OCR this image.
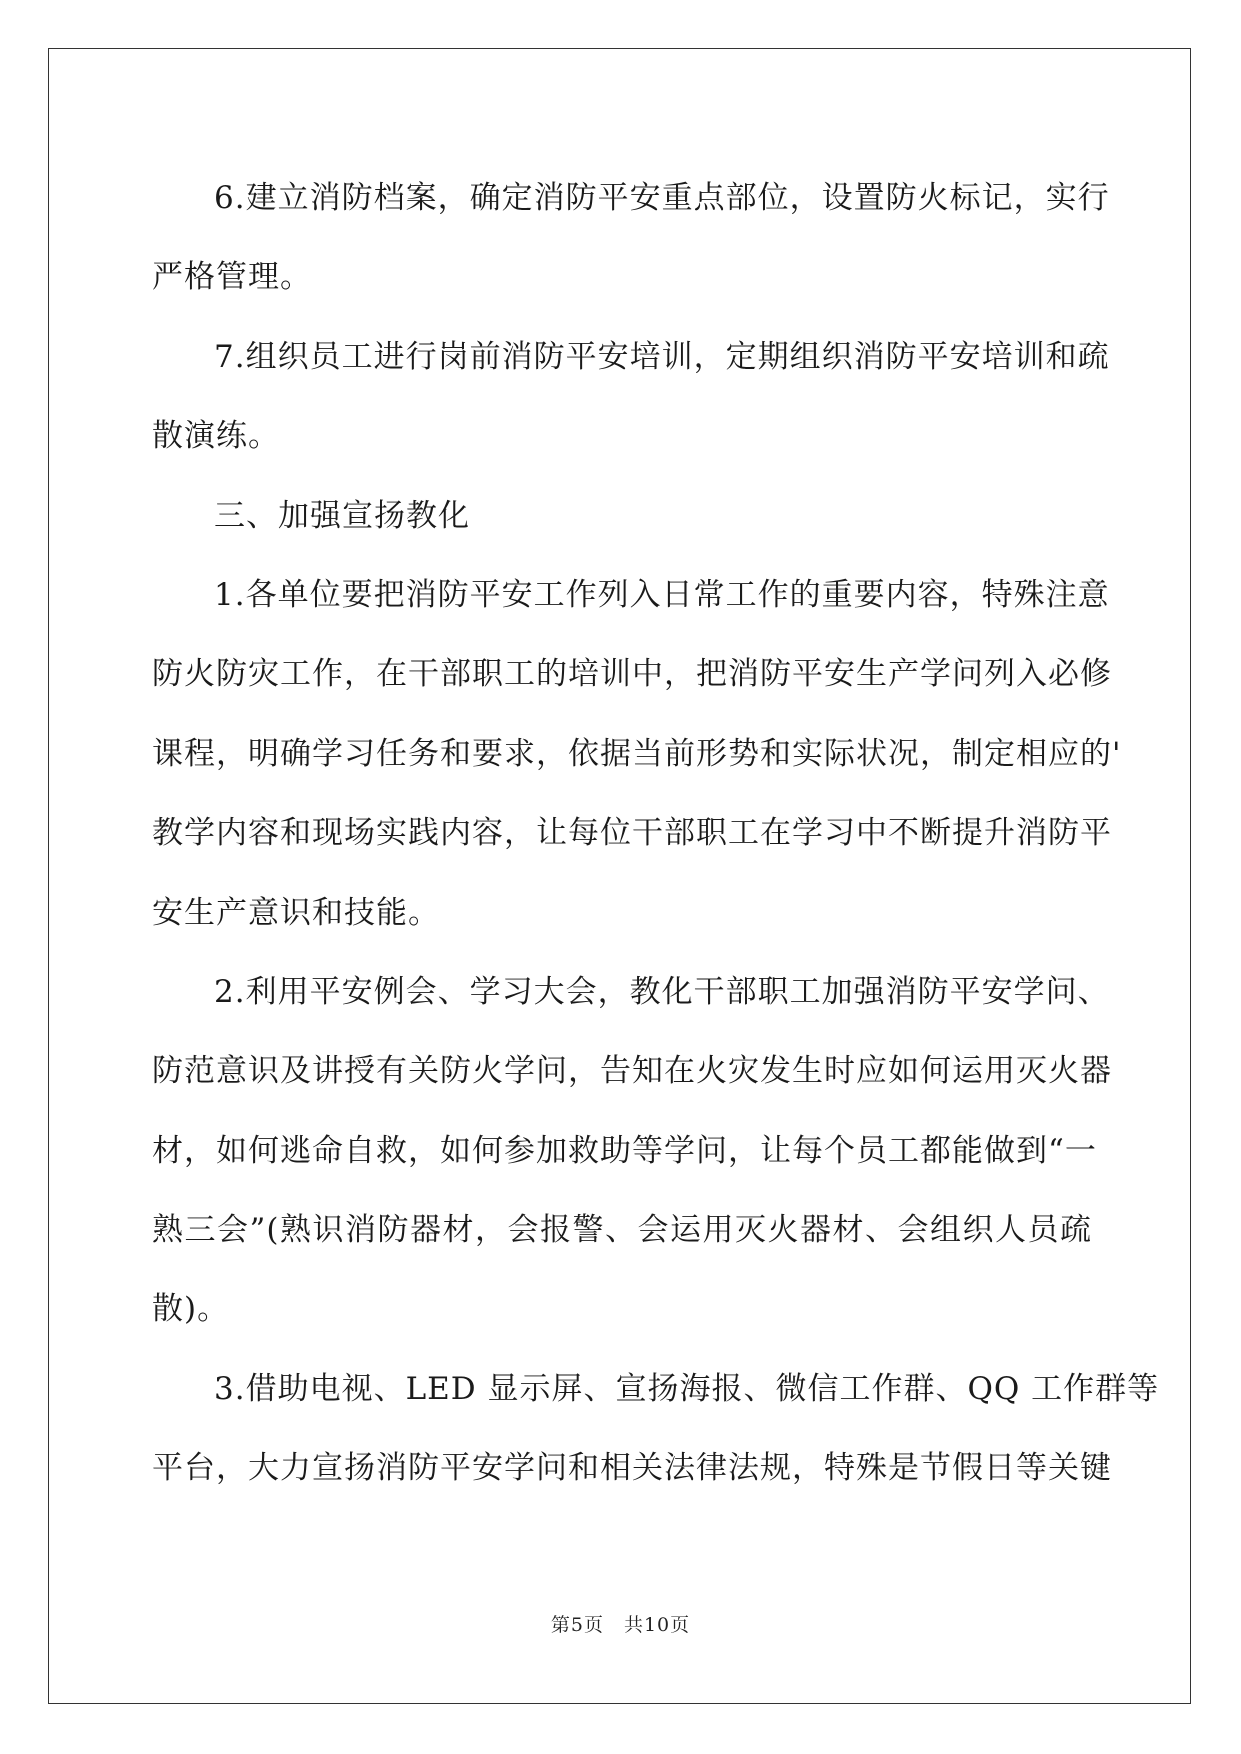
6.建立消防档案，确定消防平安重点部位，设置防火标记，实行
严格管理。
7.组织员工进行岗前消防平安培训，定期组织消防平安培训和疏
散演练。
三、加强宣扬教化
1.各单位要把消防平安工作列入日常工作的重要内容，特殊注意
防火防灾工作，在干部职工的培训中，把消防平安生产学问列入必修
课程，明确学习任务和要求，依据当前形势和实际状况，制定相应的'
教学内容和现场实践内容，让每位干部职工在学习中不断提升消防平
安生产意识和技能。
2.利用平安例会、学习大会，教化干部职工加强消防平安学问、
防范意识及讲授有关防火学问，告知在火灾发生时应如何运用灭火器
材，如何逃命自救，如何参加救助等学问，让每个员工都能做到“一
熟三会”(熟识消防器材，会报警、会运用灭火器材、会组织人员疏
散)。
3.借助电视、LED 显示屏、宣扬海报、微信工作群、QQ 工作群等
平台，大力宣扬消防平安学问和相关法律法规，特殊是节假日等关键
第5页 共10页
